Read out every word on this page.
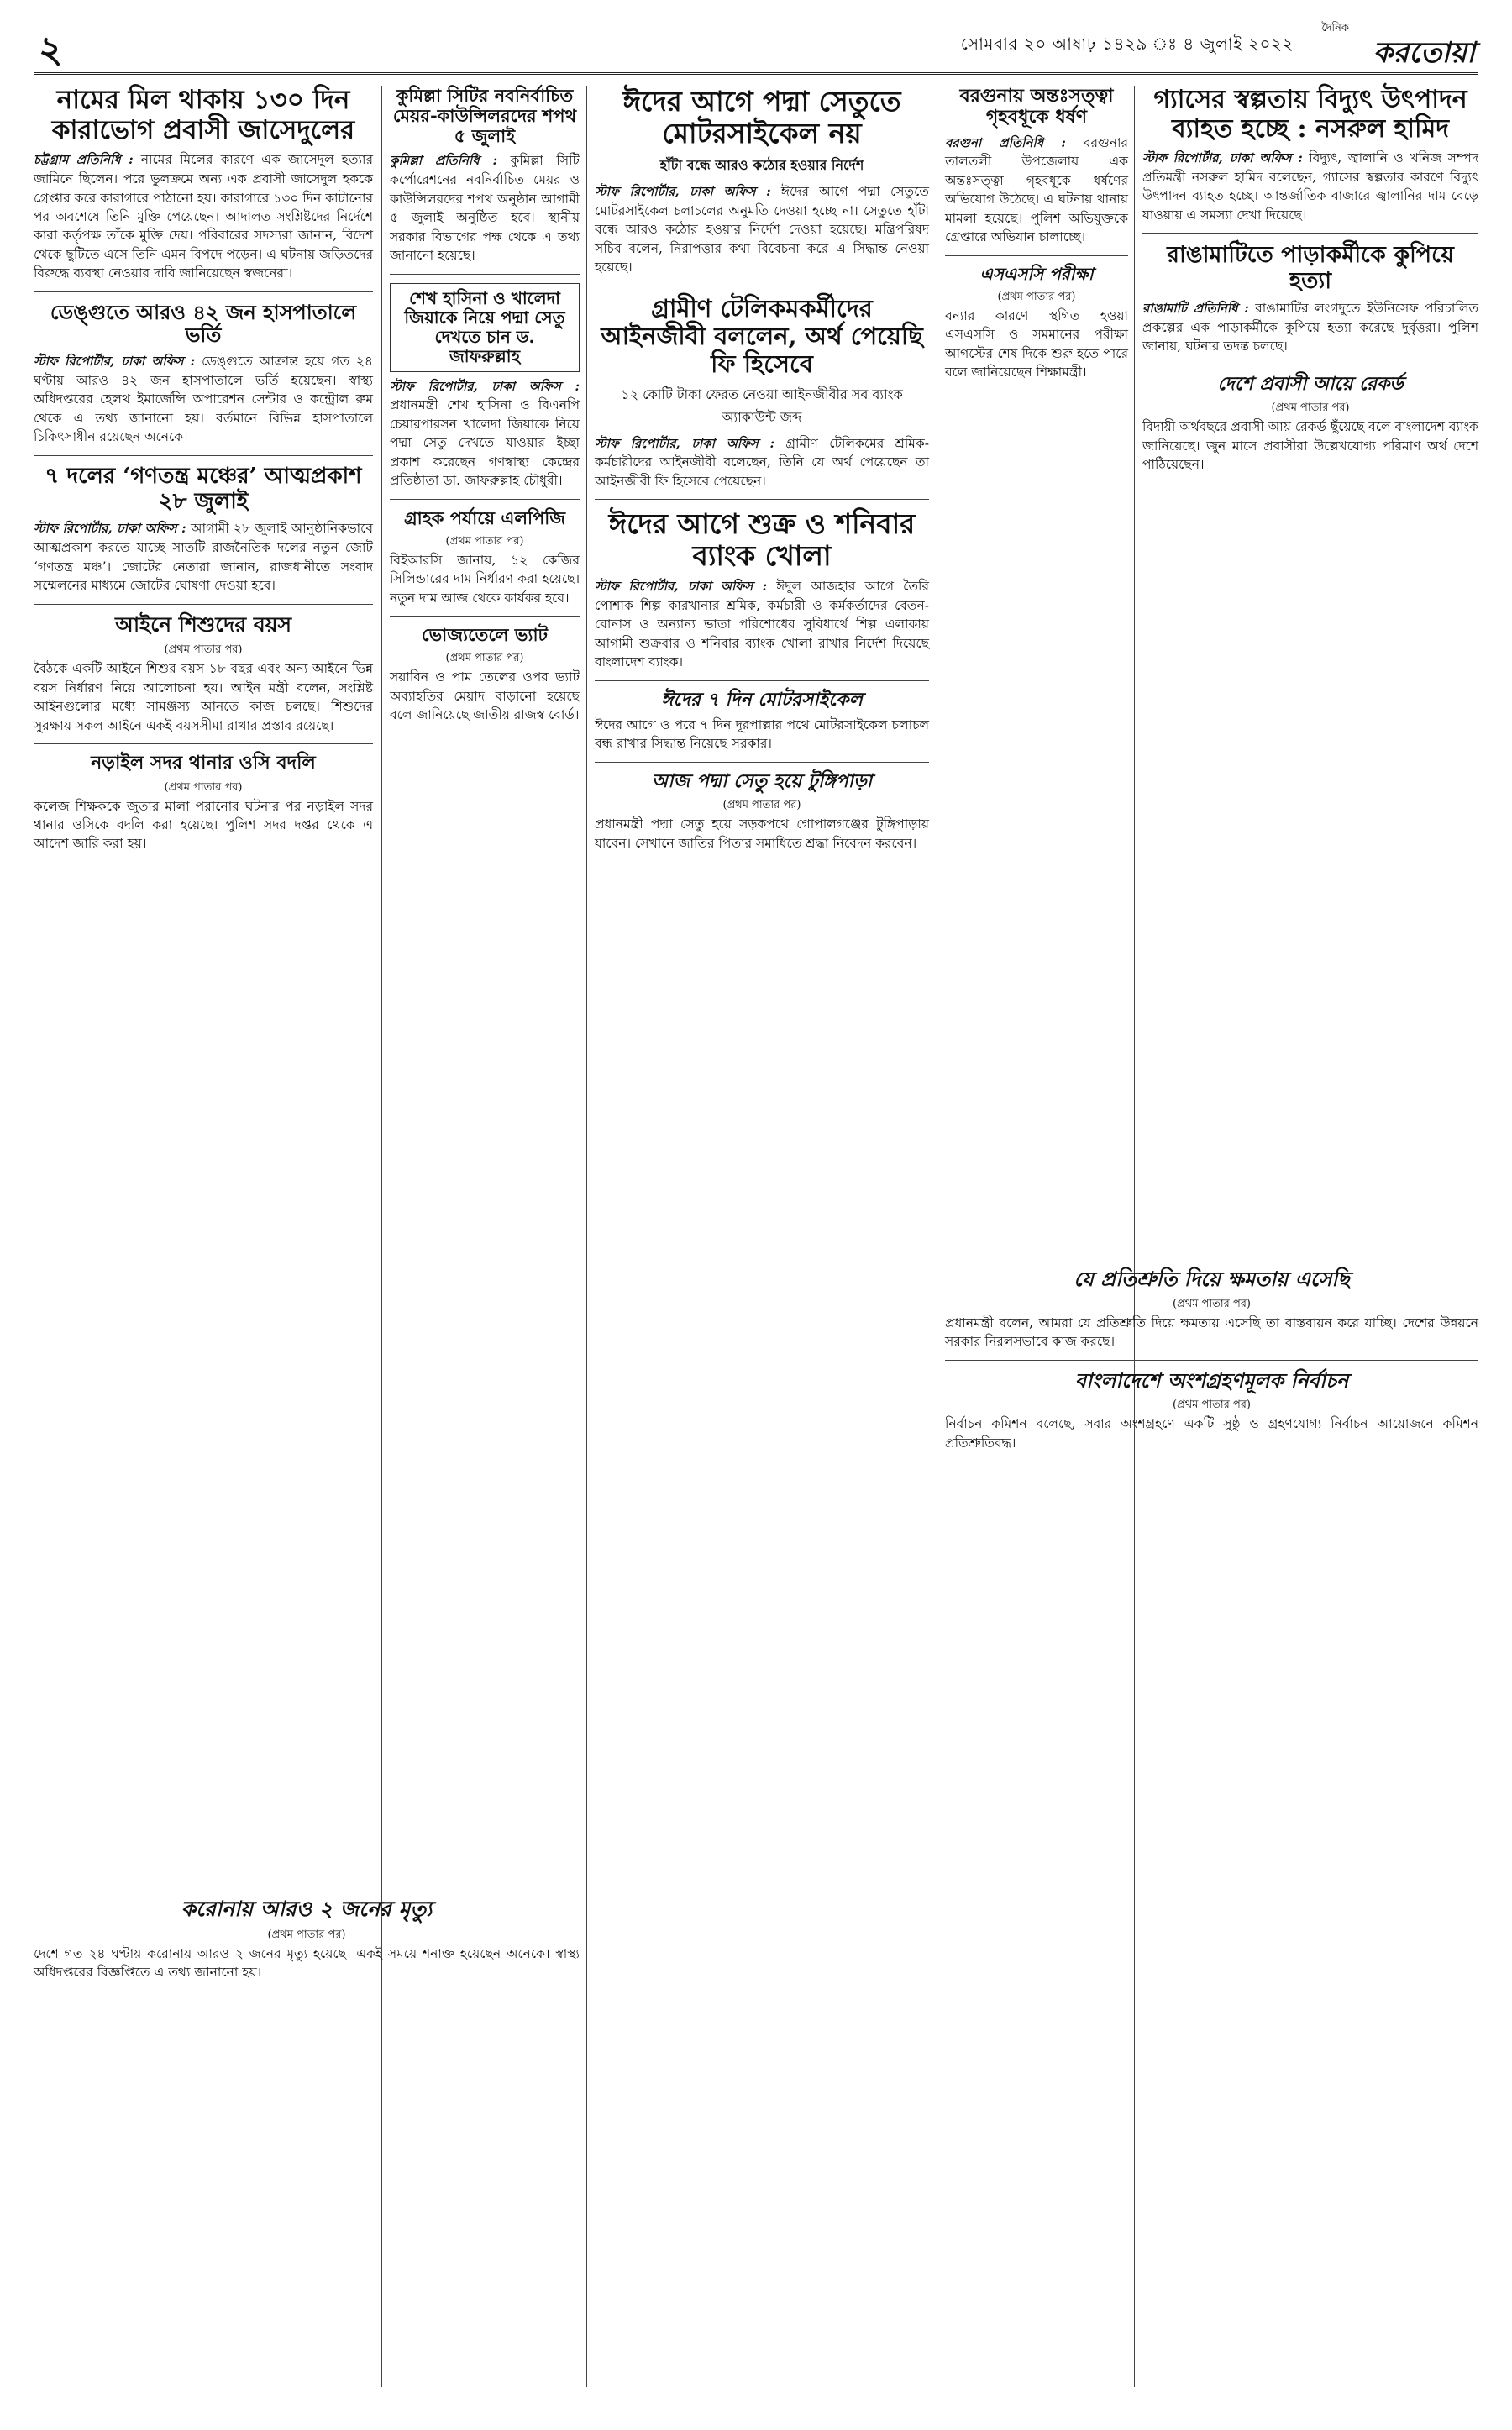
২	সোমবার ২০ আষাঢ় ১৪২৯ ঃ ৪ জুলাই ২০২২
দৈনিক
করতোয়া
নামের মিল থাকায় ১৩০ দিন কারাভোগ প্রবাসী জাসেদুলের

চট্টগ্রাম প্রতিনিধি : নামের মিলের কারণে এক জাসেদুল হত্যার জামিনে ছিলেন। পরে ভুলক্রমে অন্য এক প্রবাসী জাসেদুল হককে গ্রেপ্তার করে কারাগারে পাঠানো হয়। কারাগারে ১৩০ দিন কাটানোর পর অবশেষে তিনি মুক্তি পেয়েছেন। আদালত সংশ্লিষ্টদের নির্দেশে কারা কর্তৃপক্ষ তাঁকে মুক্তি দেয়। পরিবারের সদস্যরা জানান, বিদেশ থেকে ছুটিতে এসে তিনি এমন বিপদে পড়েন। এ ঘটনায় জড়িতদের বিরুদ্ধে ব্যবস্থা নেওয়ার দাবি জানিয়েছেন স্বজনেরা।

ডেঙ্গুতে আরও ৪২ জন হাসপাতালে ভর্তি

স্টাফ রিপোর্টার, ঢাকা অফিস : ডেঙ্গুতে আক্রান্ত হয়ে গত ২৪ ঘণ্টায় আরও ৪২ জন হাসপাতালে ভর্তি হয়েছেন। স্বাস্থ্য অধিদপ্তরের হেলথ ইমার্জেন্সি অপারেশন সেন্টার ও কন্ট্রোল রুম থেকে এ তথ্য জানানো হয়। বর্তমানে বিভিন্ন হাসপাতালে চিকিৎসাধীন রয়েছেন অনেকে।

৭ দলের ‘গণতন্ত্র মঞ্চের’ আত্মপ্রকাশ ২৮ জুলাই

স্টাফ রিপোর্টার, ঢাকা অফিস : আগামী ২৮ জুলাই আনুষ্ঠানিকভাবে আত্মপ্রকাশ করতে যাচ্ছে সাতটি রাজনৈতিক দলের নতুন জোট ‘গণতন্ত্র মঞ্চ’। জোটের নেতারা জানান, রাজধানীতে সংবাদ সম্মেলনের মাধ্যমে জোটের ঘোষণা দেওয়া হবে।

আইনে শিশুদের বয়স
(প্রথম পাতার পর)

বৈঠকে একটি আইনে শিশুর বয়স ১৮ বছর এবং অন্য আইনে ভিন্ন বয়স নির্ধারণ নিয়ে আলোচনা হয়। আইন মন্ত্রী বলেন, সংশ্লিষ্ট আইনগুলোর মধ্যে সামঞ্জস্য আনতে কাজ চলছে। শিশুদের সুরক্ষায় সকল আইনে একই বয়সসীমা রাখার প্রস্তাব রয়েছে।

নড়াইল সদর থানার ওসি বদলি
(প্রথম পাতার পর)

কলেজ শিক্ষককে জুতার মালা পরানোর ঘটনার পর নড়াইল সদর থানার ওসিকে বদলি করা হয়েছে। পুলিশ সদর দপ্তর থেকে এ আদেশ জারি করা হয়।

কুমিল্লা সিটির নবনির্বাচিত মেয়র-কাউন্সিলরদের শপথ ৫ জুলাই

কুমিল্লা প্রতিনিধি : কুমিল্লা সিটি কর্পোরেশনের নবনির্বাচিত মেয়র ও কাউন্সিলরদের শপথ অনুষ্ঠান আগামী ৫ জুলাই অনুষ্ঠিত হবে। স্থানীয় সরকার বিভাগের পক্ষ থেকে এ তথ্য জানানো হয়েছে।

শেখ হাসিনা ও খালেদা জিয়াকে নিয়ে পদ্মা সেতু দেখতে চান ড. জাফরুল্লাহ

স্টাফ রিপোর্টার, ঢাকা অফিস : প্রধানমন্ত্রী শেখ হাসিনা ও বিএনপি চেয়ারপারসন খালেদা জিয়াকে নিয়ে পদ্মা সেতু দেখতে যাওয়ার ইচ্ছা প্রকাশ করেছেন গণস্বাস্থ্য কেন্দ্রের প্রতিষ্ঠাতা ডা. জাফরুল্লাহ চৌধুরী।

গ্রাহক পর্যায়ে এলপিজি
(প্রথম পাতার পর)

বিইআরসি জানায়, ১২ কেজির সিলিন্ডারের দাম নির্ধারণ করা হয়েছে। নতুন দাম আজ থেকে কার্যকর হবে।

ভোজ্যতেলে ভ্যাট
(প্রথম পাতার পর)

সয়াবিন ও পাম তেলের ওপর ভ্যাট অব্যাহতির মেয়াদ বাড়ানো হয়েছে বলে জানিয়েছে জাতীয় রাজস্ব বোর্ড।

ঈদের আগে পদ্মা সেতুতে মোটরসাইকেল নয়
হাঁটা বন্ধে আরও কঠোর হওয়ার নির্দেশ

স্টাফ রিপোর্টার, ঢাকা অফিস : ঈদের আগে পদ্মা সেতুতে মোটরসাইকেল চলাচলের অনুমতি দেওয়া হচ্ছে না। সেতুতে হাঁটা বন্ধে আরও কঠোর হওয়ার নির্দেশ দেওয়া হয়েছে। মন্ত্রিপরিষদ সচিব বলেন, নিরাপত্তার কথা বিবেচনা করে এ সিদ্ধান্ত নেওয়া হয়েছে।

গ্রামীণ টেলিকমকর্মীদের আইনজীবী বললেন, অর্থ পেয়েছি ফি হিসেবে
১২ কোটি টাকা ফেরত নেওয়া আইনজীবীর সব ব্যাংক অ্যাকাউন্ট জব্দ

স্টাফ রিপোর্টার, ঢাকা অফিস : গ্রামীণ টেলিকমের শ্রমিক-কর্মচারীদের আইনজীবী বলেছেন, তিনি যে অর্থ পেয়েছেন তা আইনজীবী ফি হিসেবে পেয়েছেন।

ঈদের আগে শুক্র ও শনিবার ব্যাংক খোলা

স্টাফ রিপোর্টার, ঢাকা অফিস : ঈদুল আজহার আগে তৈরি পোশাক শিল্প কারখানার শ্রমিক, কর্মচারী ও কর্মকর্তাদের বেতন-বোনাস ও অন্যান্য ভাতা পরিশোধের সুবিধার্থে শিল্প এলাকায় আগামী শুক্রবার ও শনিবার ব্যাংক খোলা রাখার নির্দেশ দিয়েছে বাংলাদেশ ব্যাংক।

ঈদের ৭ দিন মোটরসাইকেল

ঈদের আগে ও পরে ৭ দিন দূরপাল্লার পথে মোটরসাইকেল চলাচল বন্ধ রাখার সিদ্ধান্ত নিয়েছে সরকার।

আজ পদ্মা সেতু হয়ে টুঙ্গিপাড়া
(প্রথম পাতার পর)

প্রধানমন্ত্রী পদ্মা সেতু হয়ে সড়কপথে গোপালগঞ্জের টুঙ্গিপাড়ায় যাবেন। সেখানে জাতির পিতার সমাধিতে শ্রদ্ধা নিবেদন করবেন।

বরগুনায় অন্তঃসত্ত্বা গৃহবধূকে ধর্ষণ

বরগুনা প্রতিনিধি : বরগুনার তালতলী উপজেলায় এক অন্তঃসত্ত্বা গৃহবধূকে ধর্ষণের অভিযোগ উঠেছে। এ ঘটনায় থানায় মামলা হয়েছে। পুলিশ অভিযুক্তকে গ্রেপ্তারে অভিযান চালাচ্ছে।

এসএসসি পরীক্ষা
(প্রথম পাতার পর)

বন্যার কারণে স্থগিত হওয়া এসএসসি ও সমমানের পরীক্ষা আগস্টের শেষ দিকে শুরু হতে পারে বলে জানিয়েছেন শিক্ষামন্ত্রী।

গ্যাসের স্বল্পতায় বিদ্যুৎ উৎপাদন ব্যাহত হচ্ছে : নসরুল হামিদ

স্টাফ রিপোর্টার, ঢাকা অফিস : বিদ্যুৎ, জ্বালানি ও খনিজ সম্পদ প্রতিমন্ত্রী নসরুল হামিদ বলেছেন, গ্যাসের স্বল্পতার কারণে বিদ্যুৎ উৎপাদন ব্যাহত হচ্ছে। আন্তর্জাতিক বাজারে জ্বালানির দাম বেড়ে যাওয়ায় এ সমস্যা দেখা দিয়েছে।

রাঙামাটিতে পাড়াকর্মীকে কুপিয়ে হত্যা

রাঙামাটি প্রতিনিধি : রাঙামাটির লংগদুতে ইউনিসেফ পরিচালিত প্রকল্পের এক পাড়াকর্মীকে কুপিয়ে হত্যা করেছে দুর্বৃত্তরা। পুলিশ জানায়, ঘটনার তদন্ত চলছে।

দেশে প্রবাসী আয়ে রেকর্ড
(প্রথম পাতার পর)

বিদায়ী অর্থবছরে প্রবাসী আয় রেকর্ড ছুঁয়েছে বলে বাংলাদেশ ব্যাংক জানিয়েছে। জুন মাসে প্রবাসীরা উল্লেখযোগ্য পরিমাণ অর্থ দেশে পাঠিয়েছেন।

যে প্রতিশ্রুতি দিয়ে ক্ষমতায় এসেছি
(প্রথম পাতার পর)

প্রধানমন্ত্রী বলেন, আমরা যে প্রতিশ্রুতি দিয়ে ক্ষমতায় এসেছি তা বাস্তবায়ন করে যাচ্ছি। দেশের উন্নয়নে সরকার নিরলসভাবে কাজ করছে।

বাংলাদেশে অংশগ্রহণমূলক নির্বাচন
(প্রথম পাতার পর)

নির্বাচন কমিশন বলেছে, সবার অংশগ্রহণে একটি সুষ্ঠু ও গ্রহণযোগ্য নির্বাচন আয়োজনে কমিশন প্রতিশ্রুতিবদ্ধ।

করোনায় আরও ২ জনের মৃত্যু
(প্রথম পাতার পর)

দেশে গত ২৪ ঘণ্টায় করোনায় আরও ২ জনের মৃত্যু হয়েছে। একই সময়ে শনাক্ত হয়েছেন অনেকে। স্বাস্থ্য অধিদপ্তরের বিজ্ঞপ্তিতে এ তথ্য জানানো হয়।
